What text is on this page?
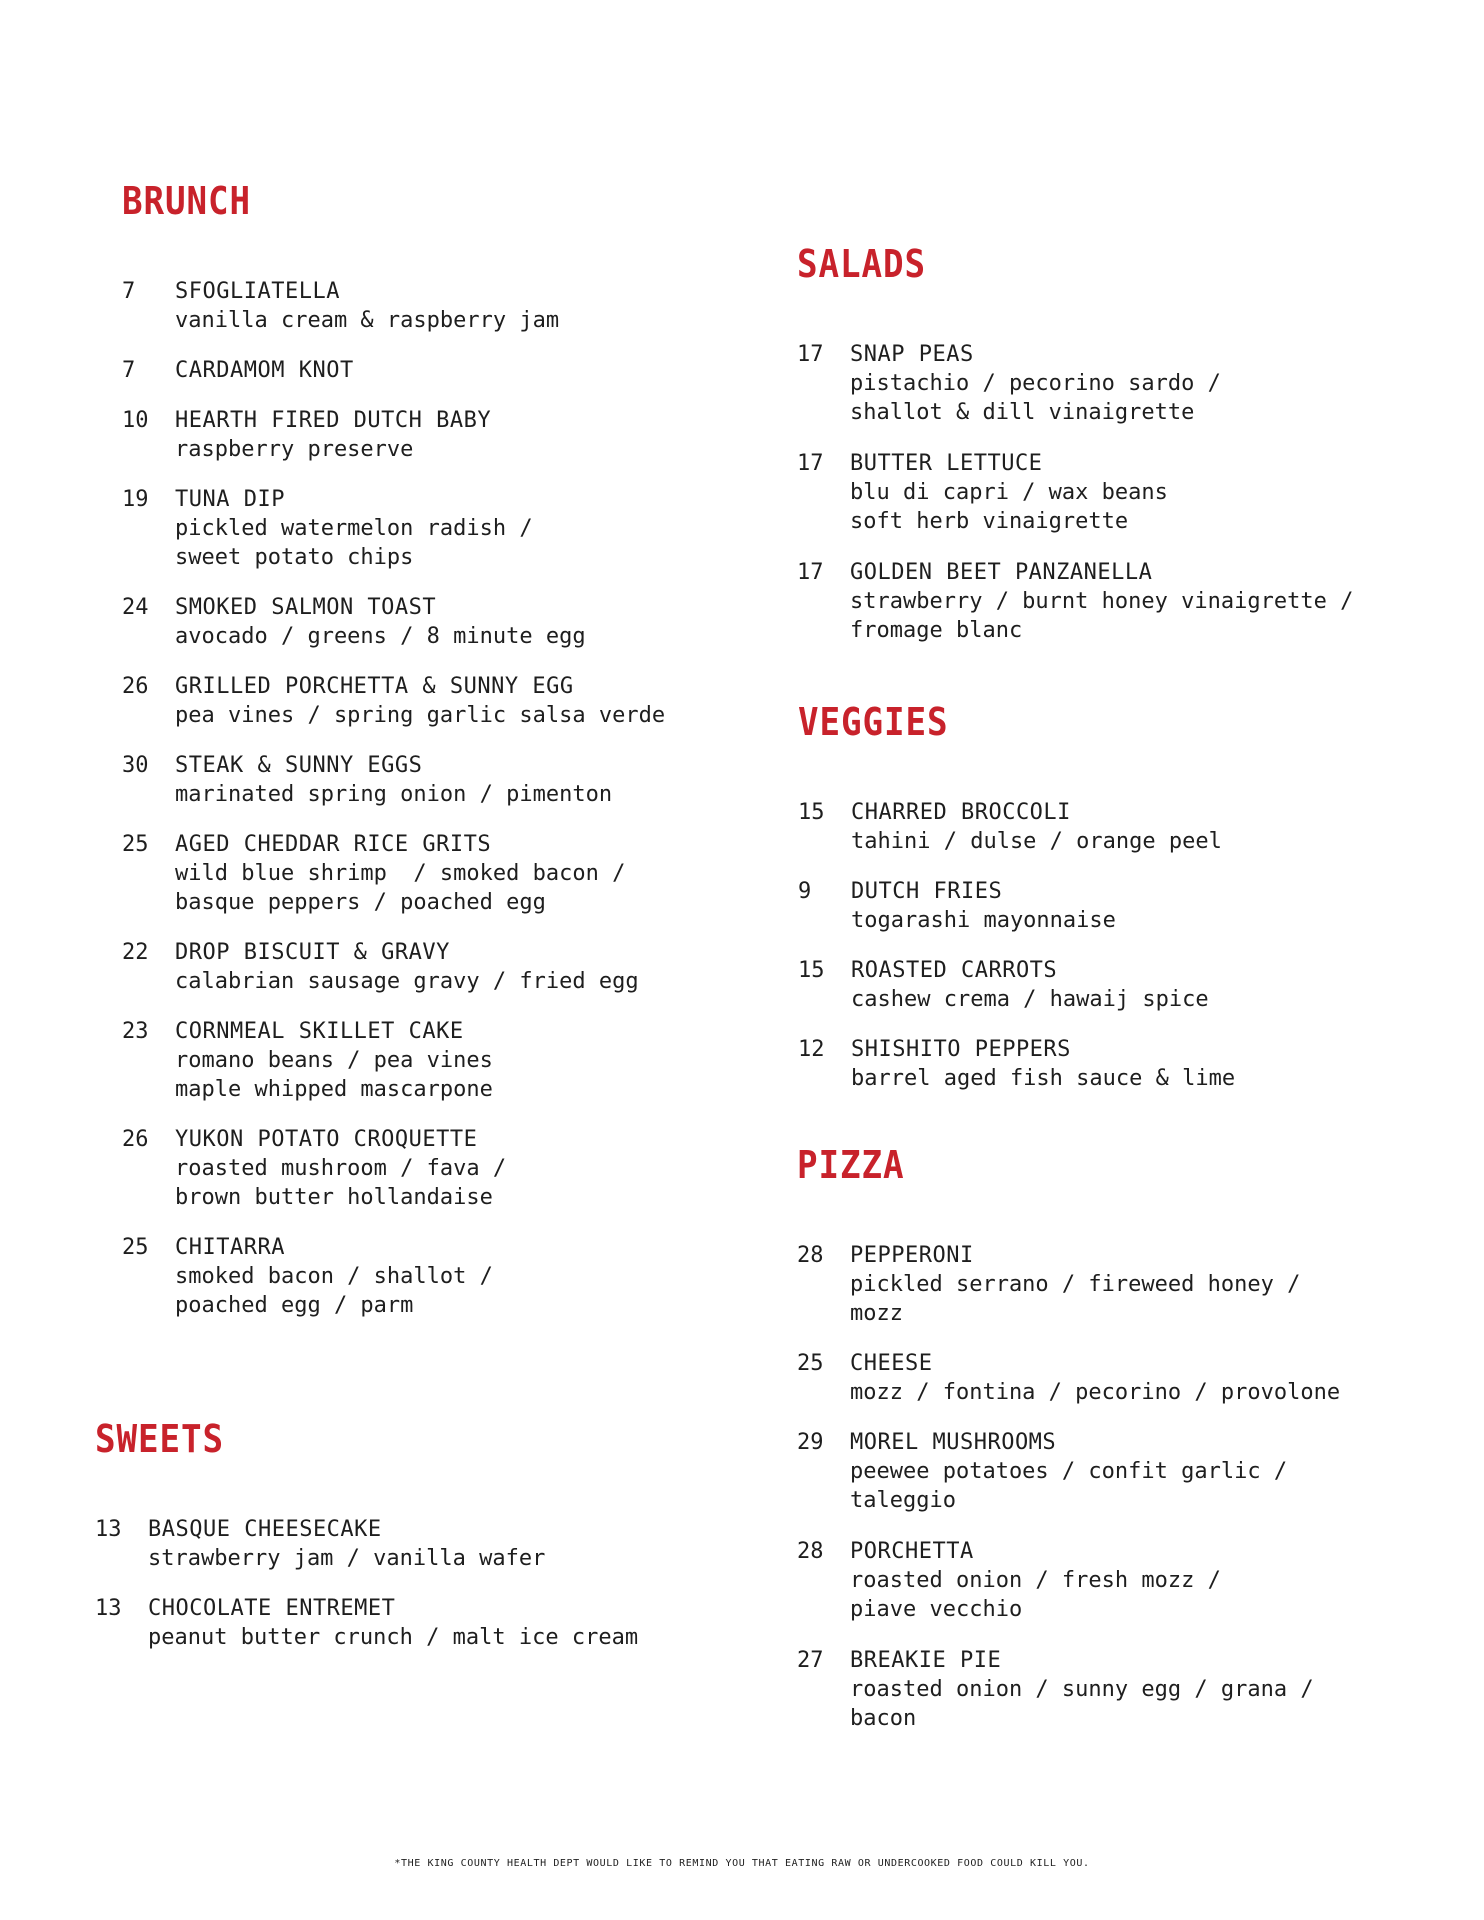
BRUNCH
7 SFOGLIATELLA
vanilla cream & raspberry jam
7 CARDAMOM KNOT
10 HEARTH FIRED DUTCH BABY
raspberry preserve
19 TUNA DIP
pickled watermelon radish /
sweet potato chips
24 SMOKED SALMON TOAST
avocado / greens / 8 minute egg
26 GRILLED PORCHETTA & SUNNY EGG
pea vines / spring garlic salsa verde
30 STEAK & SUNNY EGGS
marinated spring onion / pimenton
25 AGED CHEDDAR RICE GRITS
wild blue shrimp  / smoked bacon /
basque peppers / poached egg
22 DROP BISCUIT & GRAVY
calabrian sausage gravy / fried egg
23 CORNMEAL SKILLET CAKE
romano beans / pea vines
maple whipped mascarpone
26 YUKON POTATO CROQUETTE
roasted mushroom / fava /
brown butter hollandaise
25 CHITARRA
smoked bacon / shallot /
poached egg / parm
SWEETS
13 BASQUE CHEESECAKE
strawberry jam / vanilla wafer
13 CHOCOLATE ENTREMET
peanut butter crunch / malt ice cream
SALADS
17 SNAP PEAS
pistachio / pecorino sardo /
shallot & dill vinaigrette
17 BUTTER LETTUCE
blu di capri / wax beans
soft herb vinaigrette
17 GOLDEN BEET PANZANELLA
strawberry / burnt honey vinaigrette /
fromage blanc
VEGGIES
15 CHARRED BROCCOLI
tahini / dulse / orange peel
9 DUTCH FRIES
togarashi mayonnaise
15 ROASTED CARROTS
cashew crema / hawaij spice
12 SHISHITO PEPPERS
barrel aged fish sauce & lime
PIZZA
28 PEPPERONI
pickled serrano / fireweed honey /
mozz
25 CHEESE
mozz / fontina / pecorino / provolone
29 MOREL MUSHROOMS
peewee potatoes / confit garlic /
taleggio
28 PORCHETTA
roasted onion / fresh mozz /
piave vecchio
27 BREAKIE PIE
roasted onion / sunny egg / grana /
bacon
*THE KING COUNTY HEALTH DEPT WOULD LIKE TO REMIND YOU THAT EATING RAW OR UNDERCOOKED FOOD COULD KILL YOU.
